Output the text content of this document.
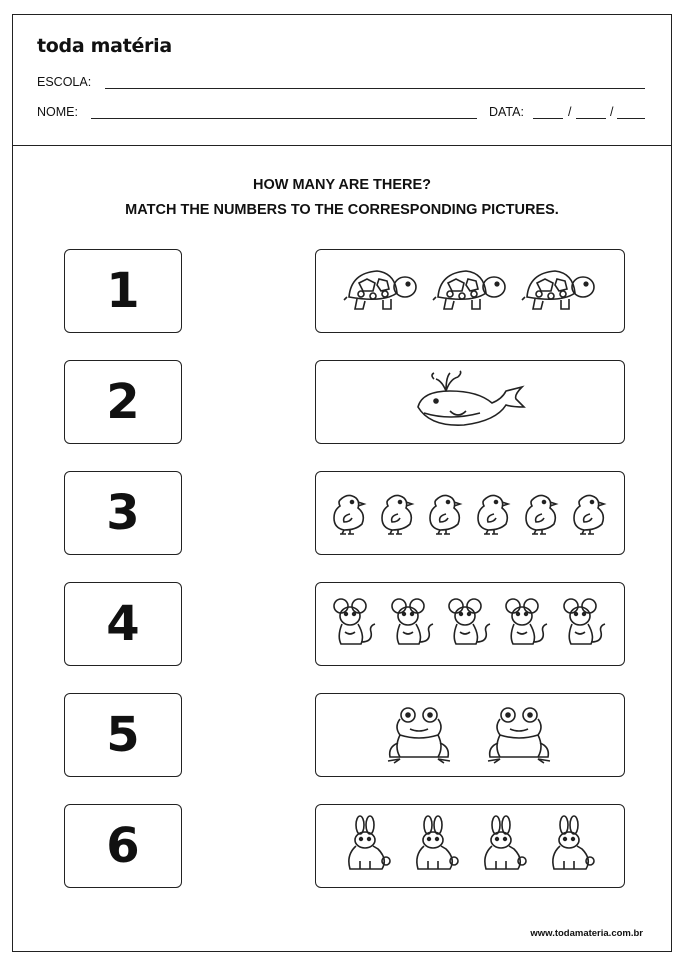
toda matéria
ESCOLA:
NOME:	DATA:	/	/
HOW MANY ARE THERE?
MATCH THE NUMBERS TO THE CORRESPONDING PICTURES.
1
2
3
4
5
6
www.todamateria.com.br
